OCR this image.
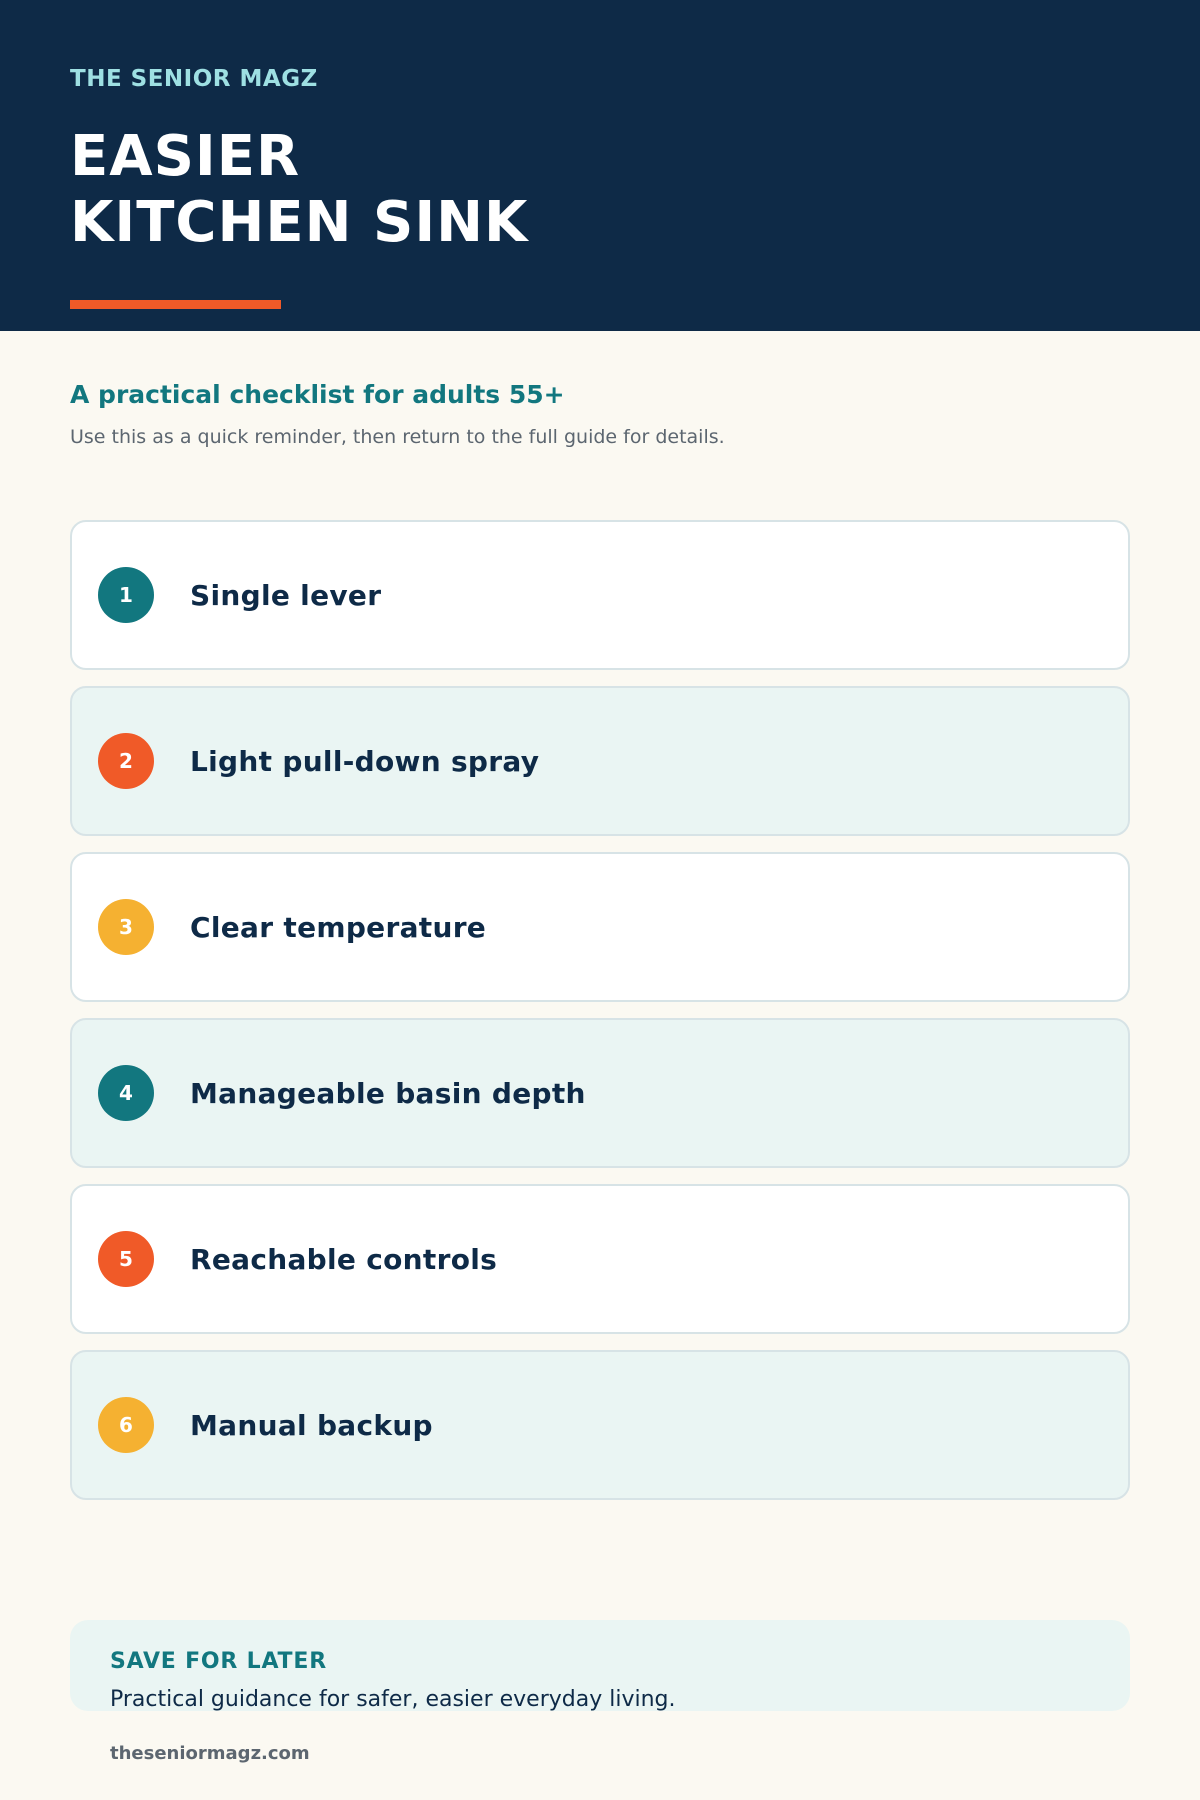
THE SENIOR MAGZ
EASIER
KITCHEN SINK
A practical checklist for adults 55+
Use this as a quick reminder, then return to the full guide for details.
1	Single lever
2	Light pull-down spray
3	Clear temperature
4	Manageable basin depth
5	Reachable controls
6	Manual backup
SAVE FOR LATER
Practical guidance for safer, easier everyday living.
theseniormagz.com
